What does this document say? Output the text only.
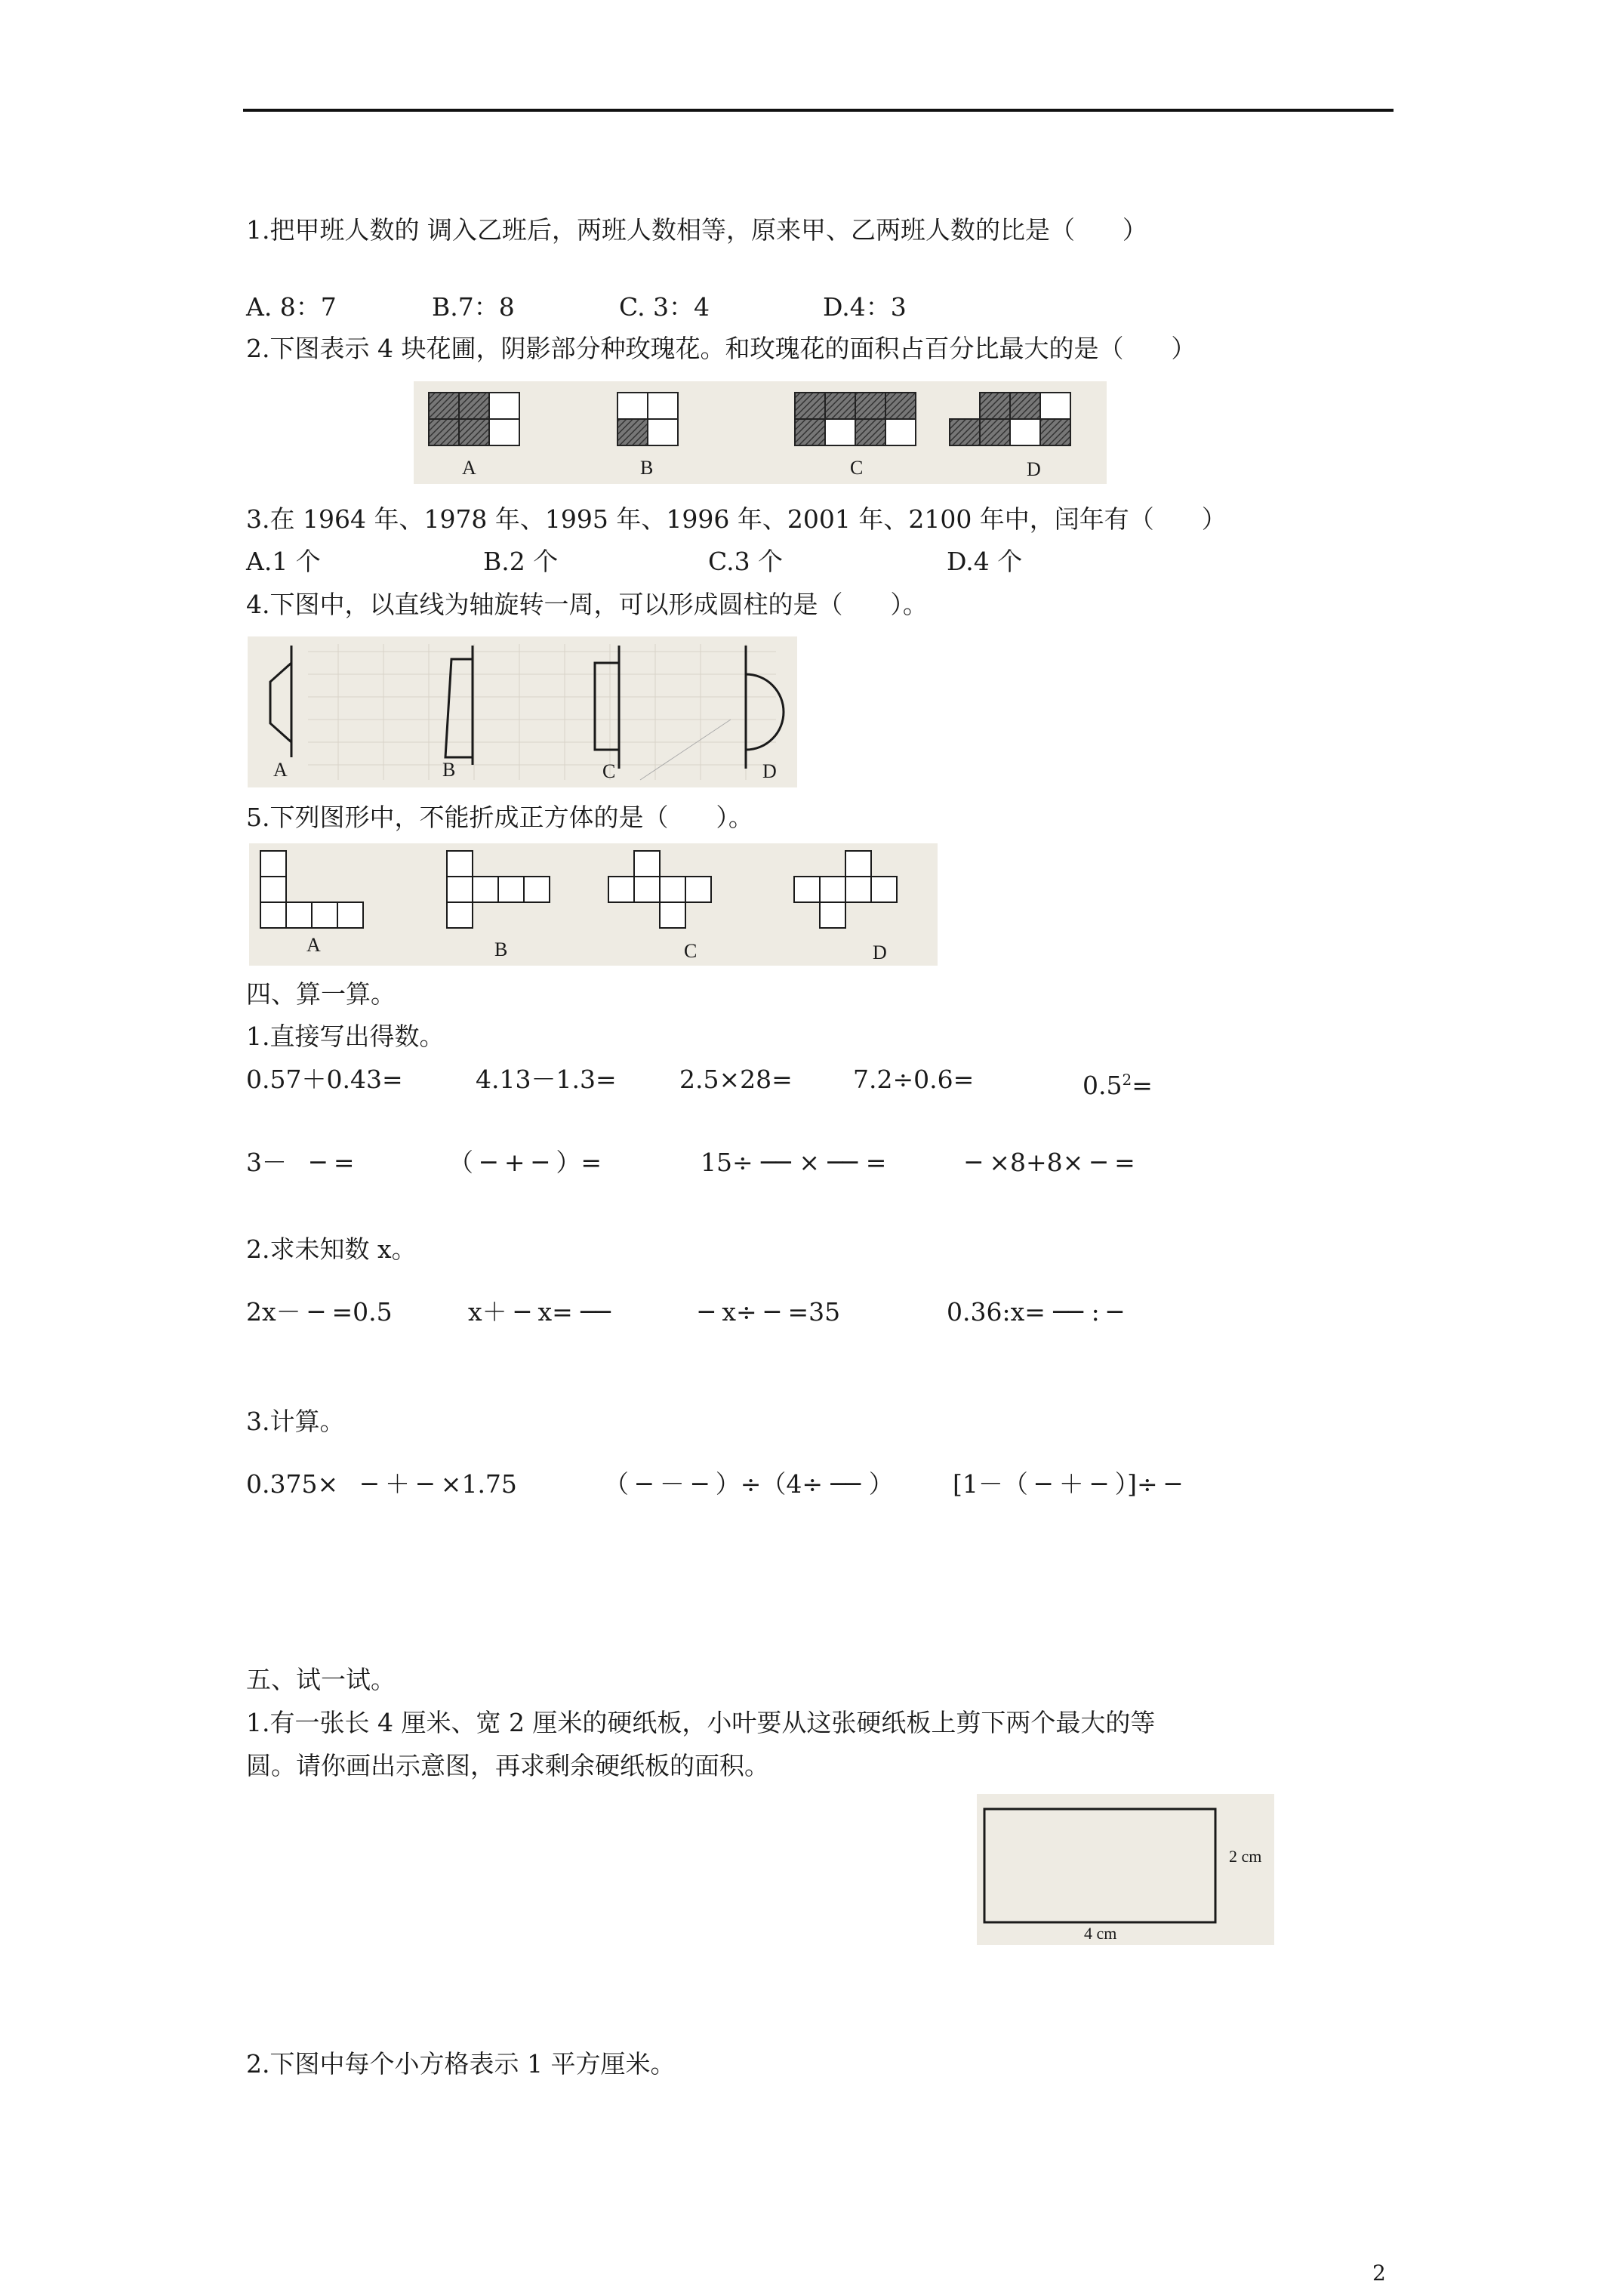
1.把甲班人数的 调入乙班后，两班人数相等，原来甲、乙两班人数的比是（      ）
A. 8：7	B.7：8	C. 3：4	D.4：3
2.下图表示 4 块花圃，阴影部分种玫瑰花。和玫瑰花的面积占百分比最大的是（      ）
A	B	C	D
3.在 1964 年、1978 年、1995 年、1996 年、2001 年、2100 年中，闰年有（      ）
A.1 个	B.2 个	C.3 个	D.4 个
4.下图中，以直线为轴旋转一周，可以形成圆柱的是（      ）。
A	B	C	D
5.下列图形中，不能折成正方体的是（      ）。
A	B	C	D
四、算一算。
1.直接写出得数。
0.57＋0.43=	4.13－1.3=	2.5×28= 7.2÷0.6=	$0.5^2=$
3－   ─ =	（ ─ + ─ ）=	15÷ ── × ── =	─ ×8+8× ─ =
2.求未知数 x。
2x－ ─ =0.5	x＋ ─ x= ──	─ x÷ ─ =35	0.36:x= ── : ─
3.计算。
0.375×   ─ ＋ ─ ×1.75	（ ─ － ─ ）÷（4÷ ── ） [1－（ ─ ＋ ─ ）]÷ ─
五、试一试。
1.有一张长 4 厘米、宽 2 厘米的硬纸板，小叶要从这张硬纸板上剪下两个最大的等
圆。请你画出示意图，再求剩余硬纸板的面积。
2 cm
4 cm
2.下图中每个小方格表示 1 平方厘米。
2
